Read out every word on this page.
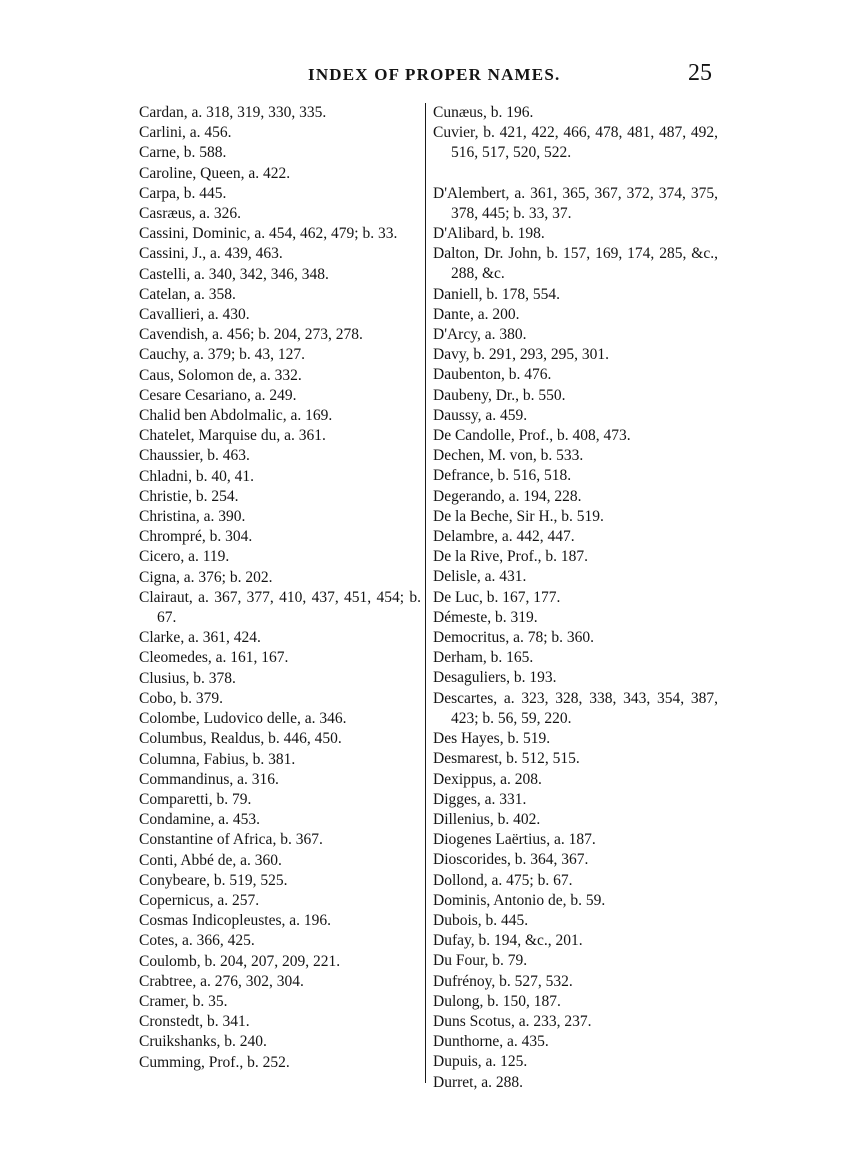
INDEX OF PROPER NAMES.	25

Cardan, a. 318, 319, 330, 335.

Carlini, a. 456.

Carne, b. 588.

Caroline, Queen, a. 422.

Carpa, b. 445.

Casræus, a. 326.

Cassini, Dominic, a. 454, 462, 479; b. 33.

Cassini, J., a. 439, 463.

Castelli, a. 340, 342, 346, 348.

Catelan, a. 358.

Cavallieri, a. 430.

Cavendish, a. 456; b. 204, 273, 278.

Cauchy, a. 379; b. 43, 127.

Caus, Solomon de, a. 332.

Cesare Cesariano, a. 249.

Chalid ben Abdolmalic, a. 169.

Chatelet, Marquise du, a. 361.

Chaussier, b. 463.

Chladni, b. 40, 41.

Christie, b. 254.

Christina, a. 390.

Chrompré, b. 304.

Cicero, a. 119.

Cigna, a. 376; b. 202.

Clairaut, a. 367, 377, 410, 437, 451, 454; b. 67.

Clarke, a. 361, 424.

Cleomedes, a. 161, 167.

Clusius, b. 378.

Cobo, b. 379.

Colombe, Ludovico delle, a. 346.

Columbus, Realdus, b. 446, 450.

Columna, Fabius, b. 381.

Commandinus, a. 316.

Comparetti, b. 79.

Condamine, a. 453.

Constantine of Africa, b. 367.

Conti, Abbé de, a. 360.

Conybeare, b. 519, 525.

Copernicus, a. 257.

Cosmas Indicopleustes, a. 196.

Cotes, a. 366, 425.

Coulomb, b. 204, 207, 209, 221.

Crabtree, a. 276, 302, 304.

Cramer, b. 35.

Cronstedt, b. 341.

Cruikshanks, b. 240.

Cumming, Prof., b. 252.

Cunæus, b. 196.

Cuvier, b. 421, 422, 466, 478, 481, 487, 492, 516, 517, 520, 522.

D'Alembert, a. 361, 365, 367, 372, 374, 375, 378, 445; b. 33, 37.

D'Alibard, b. 198.

Dalton, Dr. John, b. 157, 169, 174, 285, &c., 288, &c.

Daniell, b. 178, 554.

Dante, a. 200.

D'Arcy, a. 380.

Davy, b. 291, 293, 295, 301.

Daubenton, b. 476.

Daubeny, Dr., b. 550.

Daussy, a. 459.

De Candolle, Prof., b. 408, 473.

Dechen, M. von, b. 533.

Defrance, b. 516, 518.

Degerando, a. 194, 228.

De la Beche, Sir H., b. 519.

Delambre, a. 442, 447.

De la Rive, Prof., b. 187.

Delisle, a. 431.

De Luc, b. 167, 177.

Démeste, b. 319.

Democritus, a. 78; b. 360.

Derham, b. 165.

Desaguliers, b. 193.

Descartes, a. 323, 328, 338, 343, 354, 387, 423; b. 56, 59, 220.

Des Hayes, b. 519.

Desmarest, b. 512, 515.

Dexippus, a. 208.

Digges, a. 331.

Dillenius, b. 402.

Diogenes Laërtius, a. 187.

Dioscorides, b. 364, 367.

Dollond, a. 475; b. 67.

Dominis, Antonio de, b. 59.

Dubois, b. 445.

Dufay, b. 194, &c., 201.

Du Four, b. 79.

Dufrénoy, b. 527, 532.

Dulong, b. 150, 187.

Duns Scotus, a. 233, 237.

Dunthorne, a. 435.

Dupuis, a. 125.

Durret, a. 288.
